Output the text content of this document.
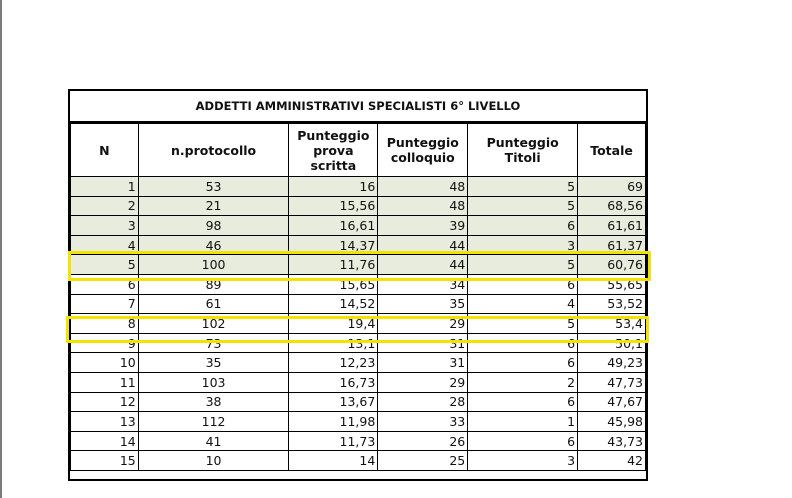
ADDETTI AMMINISTRATIVI SPECIALISTI 6° LIVELLO
N	n.protocollo	Punteggio prova scritta	Punteggio colloquio	Punteggio Titoli	Totale
1	53	16	48	5	69
2	21	15,56	48	5	68,56
3	98	16,61	39	6	61,61
4	46	14,37	44	3	61,37
5	100	11,76	44	5	60,76
6	89	15,65	34	6	55,65
7	61	14,52	35	4	53,52
8	102	19,4	29	5	53,4
9	73	13,1	31	6	50,1
10	35	12,23	31	6	49,23
11	103	16,73	29	2	47,73
12	38	13,67	28	6	47,67
13	112	11,98	33	1	45,98
14	41	11,73	26	6	43,73
15	10	14	25	3	42
